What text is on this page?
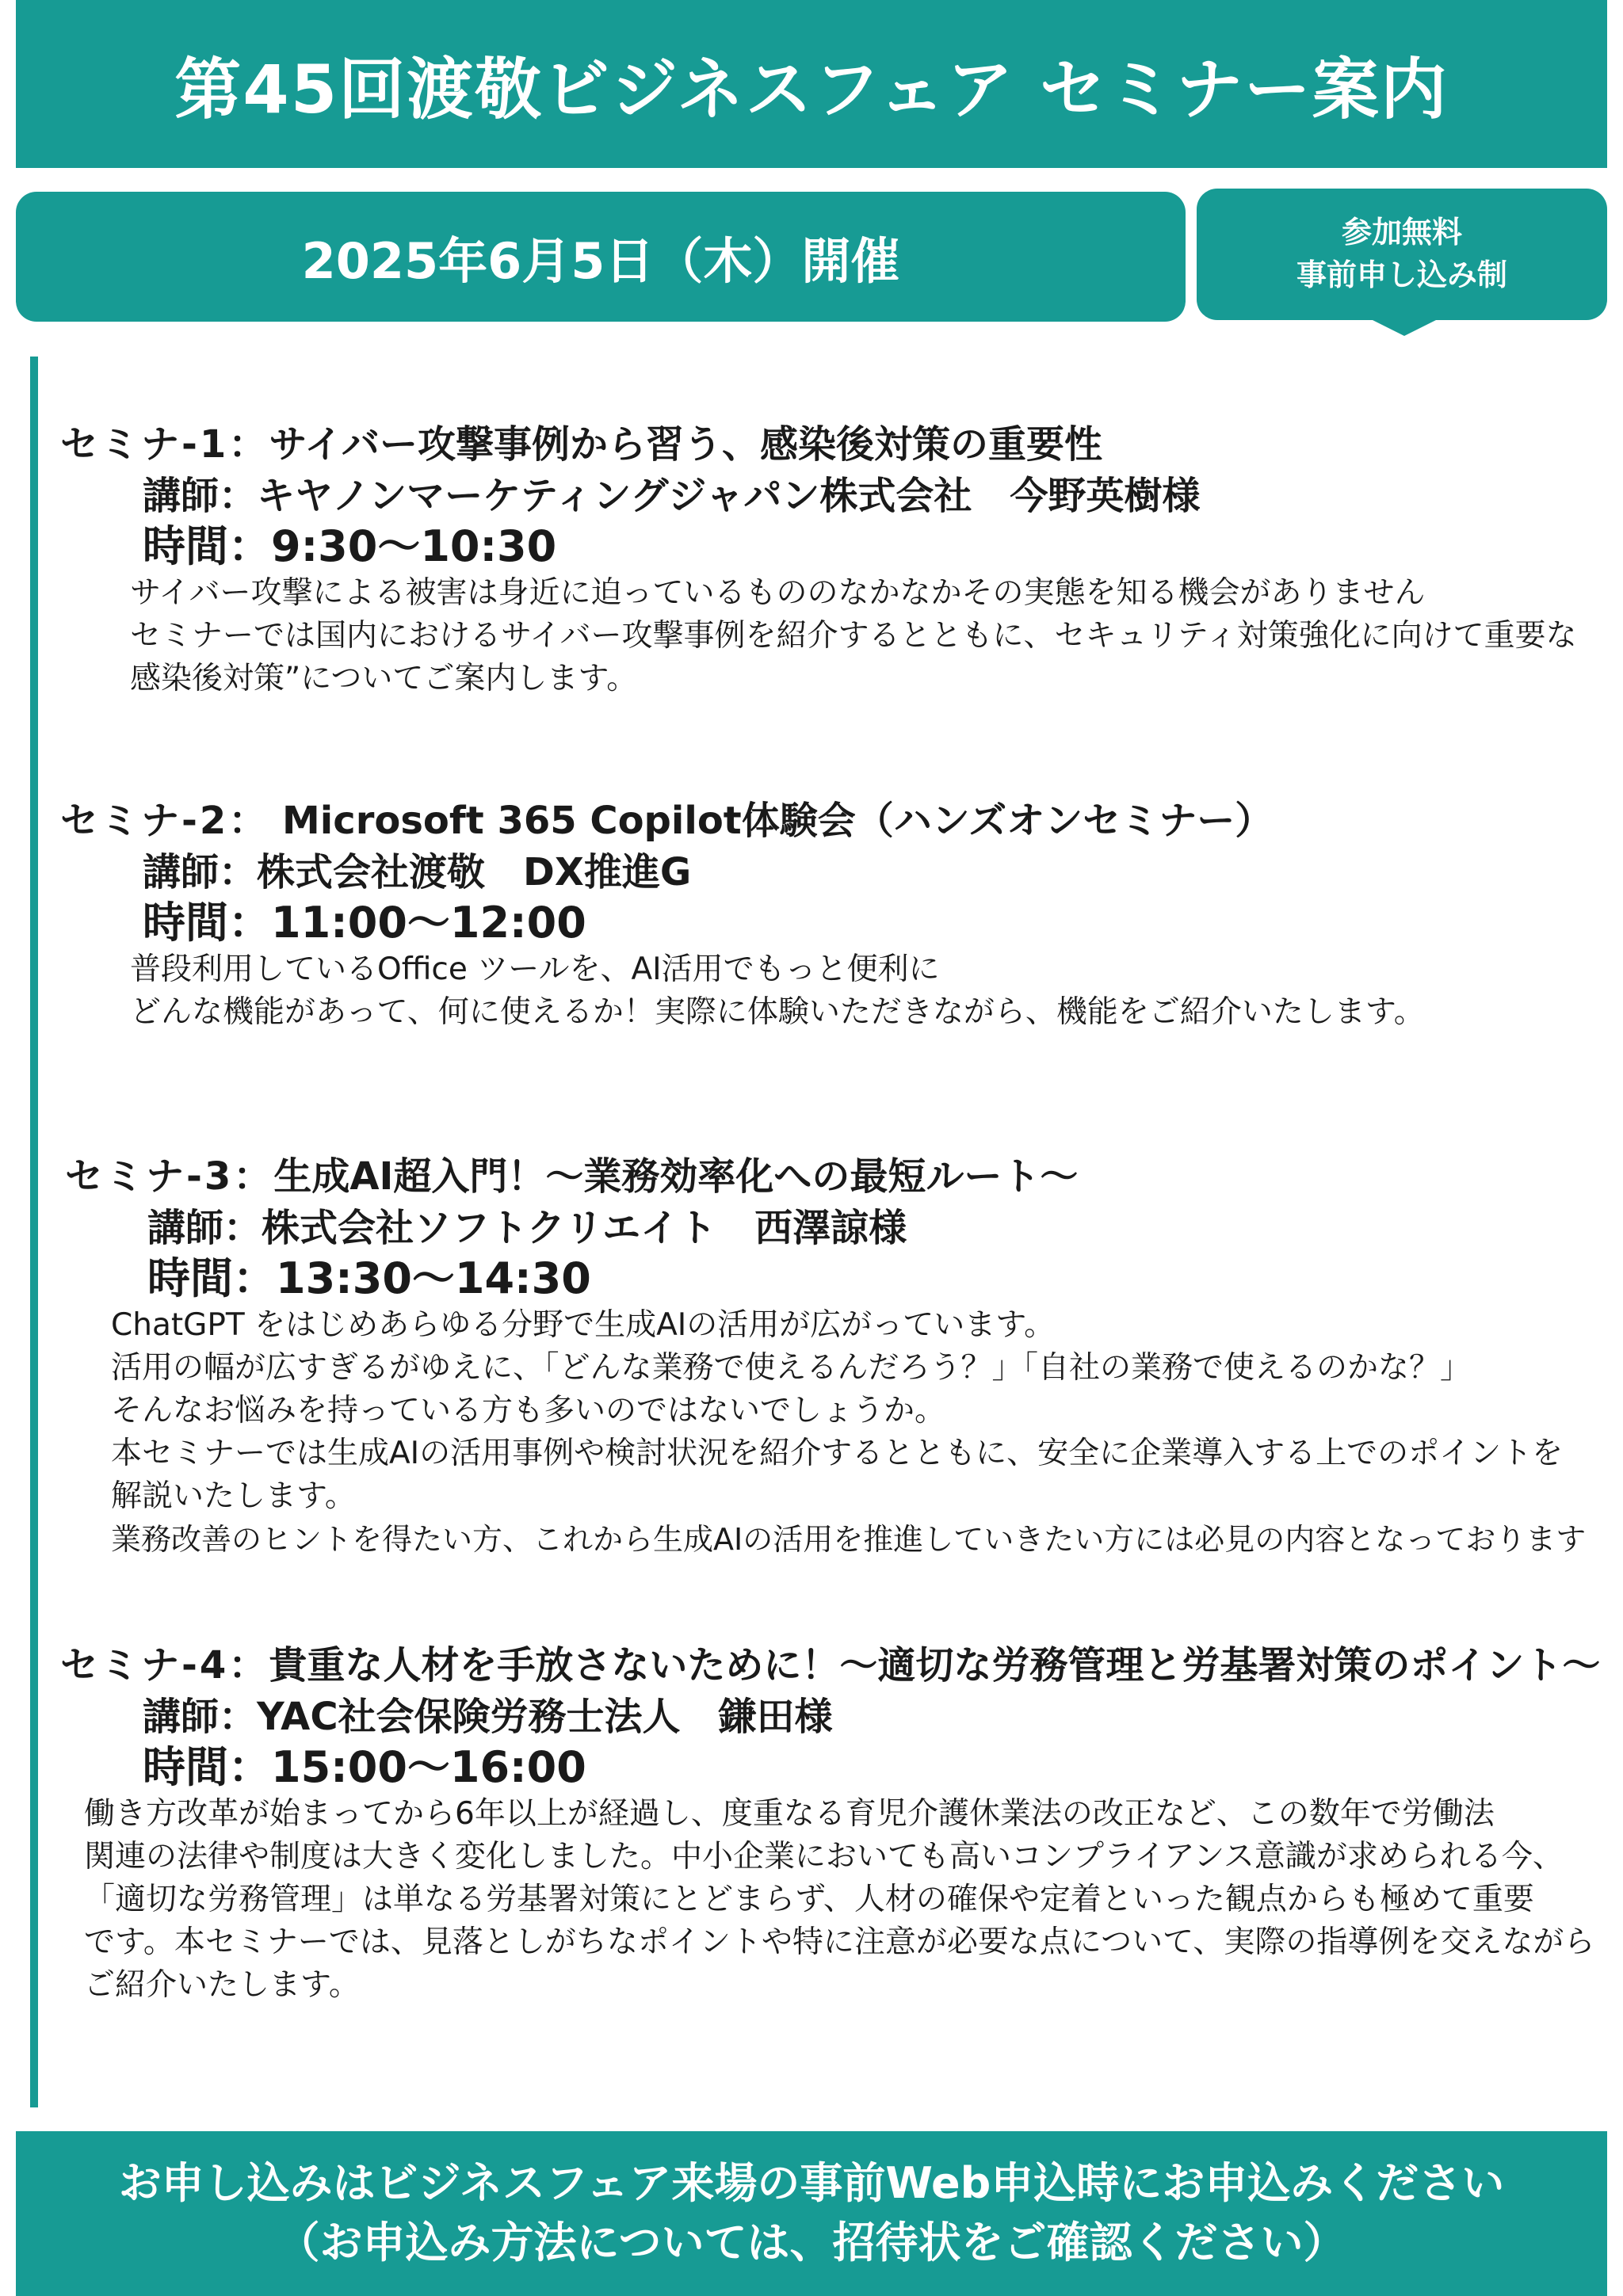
第45回渡敬ビジネスフェア セミナー案内
2025年6月5日（木）開催	参加無料
事前申し込み制
セミナ-1：サイバー攻撃事例から習う、感染後対策の重要性
講師：キヤノンマーケティングジャパン株式会社　今野英樹様
時間：9:30～10:30
サイバー攻撃による被害は身近に迫っているもののなかなかその実態を知る機会がありません
セミナーでは国内におけるサイバー攻撃事例を紹介するとともに、セキュリティ対策強化に向けて重要な
感染後対策”についてご案内します。
セミナ-2： Microsoft 365 Copilot体験会（ハンズオンセミナー）
講師：株式会社渡敬　DX推進G
時間：11:00～12:00
普段利用しているOffice ツールを、AI活用でもっと便利に
どんな機能があって、何に使えるか！実際に体験いただきながら、機能をご紹介いたします。
セミナ-3：生成AI超入門！～業務効率化への最短ルート～
講師：株式会社ソフトクリエイト　西澤諒様
時間：13:30～14:30
ChatGPT をはじめあらゆる分野で生成AIの活用が広がっています。
活用の幅が広すぎるがゆえに、「どんな業務で使えるんだろう？」「自社の業務で使えるのかな？」
そんなお悩みを持っている方も多いのではないでしょうか。
本セミナーでは生成AIの活用事例や検討状況を紹介するとともに、安全に企業導入する上でのポイントを
解説いたします。
業務改善のヒントを得たい方、これから生成AIの活用を推進していきたい方には必見の内容となっております
セミナ-4：貴重な人材を手放さないために！～適切な労務管理と労基署対策のポイント～
講師：YAC社会保険労務士法人　鎌田様
時間：15:00～16:00
働き方改革が始まってから6年以上が経過し、度重なる育児介護休業法の改正など、この数年で労働法
関連の法律や制度は大きく変化しました。中小企業においても高いコンプライアンス意識が求められる今、
「適切な労務管理」は単なる労基署対策にとどまらず、人材の確保や定着といった観点からも極めて重要
です。本セミナーでは、見落としがちなポイントや特に注意が必要な点について、実際の指導例を交えながら
ご紹介いたします。
お申し込みはビジネスフェア来場の事前Web申込時にお申込みください
（お申込み方法については、招待状をご確認ください）
